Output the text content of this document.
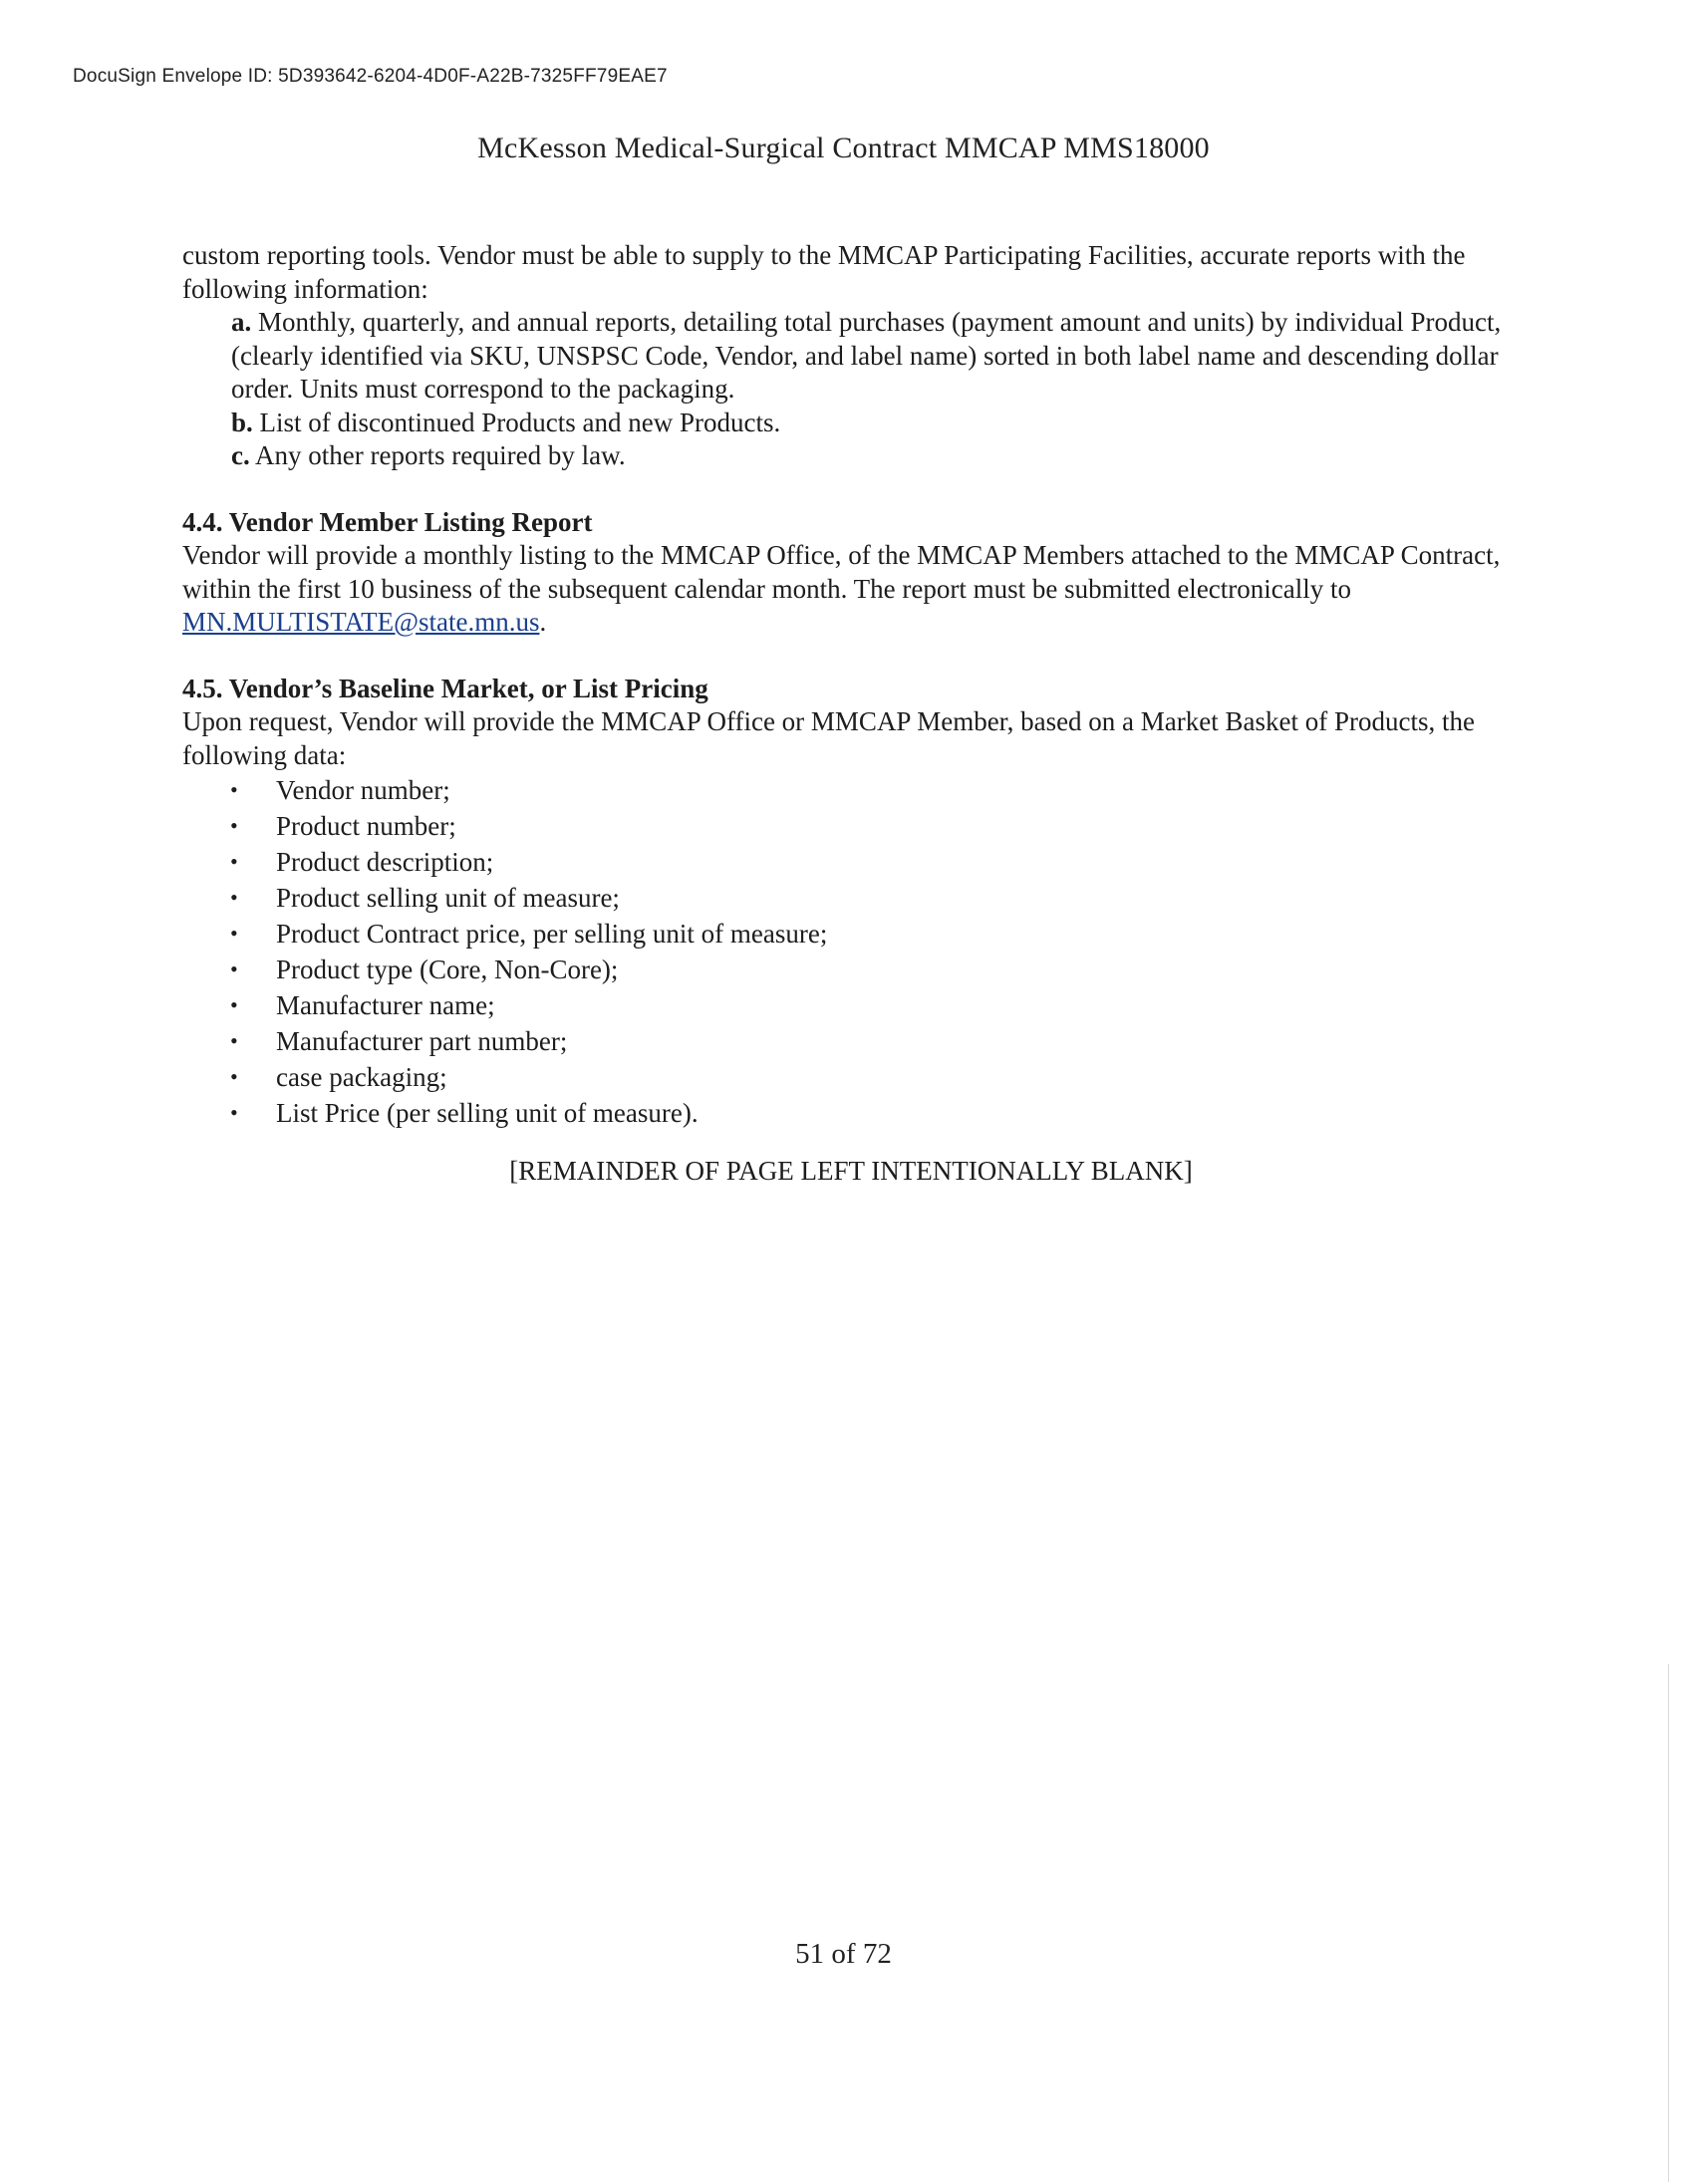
DocuSign Envelope ID: 5D393642-6204-4D0F-A22B-7325FF79EAE7
McKesson Medical-Surgical Contract MMCAP MMS18000

custom reporting tools. Vendor must be able to supply to the MMCAP Participating Facilities, accurate reports with the following information:

a. Monthly, quarterly, and annual reports, detailing total purchases (payment amount and units) by individual Product, (clearly identified via SKU, UNSPSC Code, Vendor, and label name) sorted in both label name and descending dollar order. Units must correspond to the packaging.
b. List of discontinued Products and new Products.
c. Any other reports required by law.

4.4. Vendor Member Listing Report

Vendor will provide a monthly listing to the MMCAP Office, of the MMCAP Members attached to the MMCAP Contract, within the first 10 business of the subsequent calendar month. The report must be submitted electronically to MN.MULTISTATE@state.mn.us.

4.5. Vendor’s Baseline Market, or List Pricing

Upon request, Vendor will provide the MMCAP Office or MMCAP Member, based on a Market Basket of Products, the following data:

• Vendor number;
• Product number;
• Product description;
• Product selling unit of measure;
• Product Contract price, per selling unit of measure;
• Product type (Core, Non-Core);
• Manufacturer name;
• Manufacturer part number;
• case packaging;
• List Price (per selling unit of measure).

[REMAINDER OF PAGE LEFT INTENTIONALLY BLANK]

51 of 72
